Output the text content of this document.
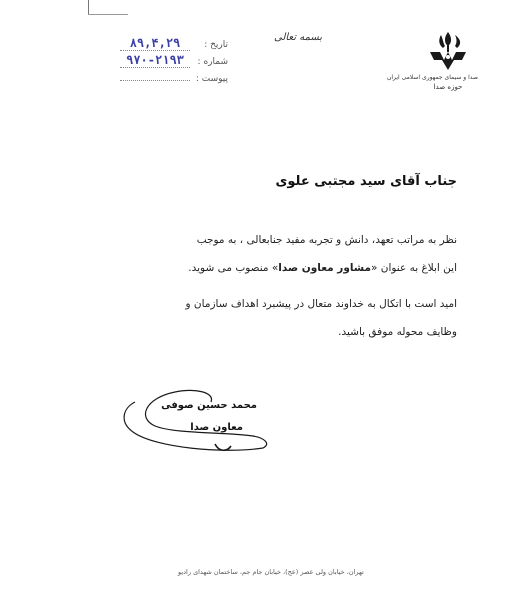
صدا و سیمای جمهوری اسلامی ایران
حوزه صدا
بسمه تعالی
تاریخ :
۸۹,۴,۲۹
شماره :
۹۷۰-۲۱۹۳
پیوست :
جناب آقای سید مجتبی علوی

نظر به مراتب تعهد، دانش و تجربه مفید جنابعالی ، به موجب
این ابلاغ به عنوان «مشاور معاون صدا» منصوب می شوید.

امید است با اتکال به خداوند متعال در پیشبرد اهداف سازمان و
وظایف محوله موفق باشید.

محمد حسین صوفی
معاون صدا
تهران، خیابان ولی عصر (عج)، خیابان جام جم، ساختمان شهدای رادیو
